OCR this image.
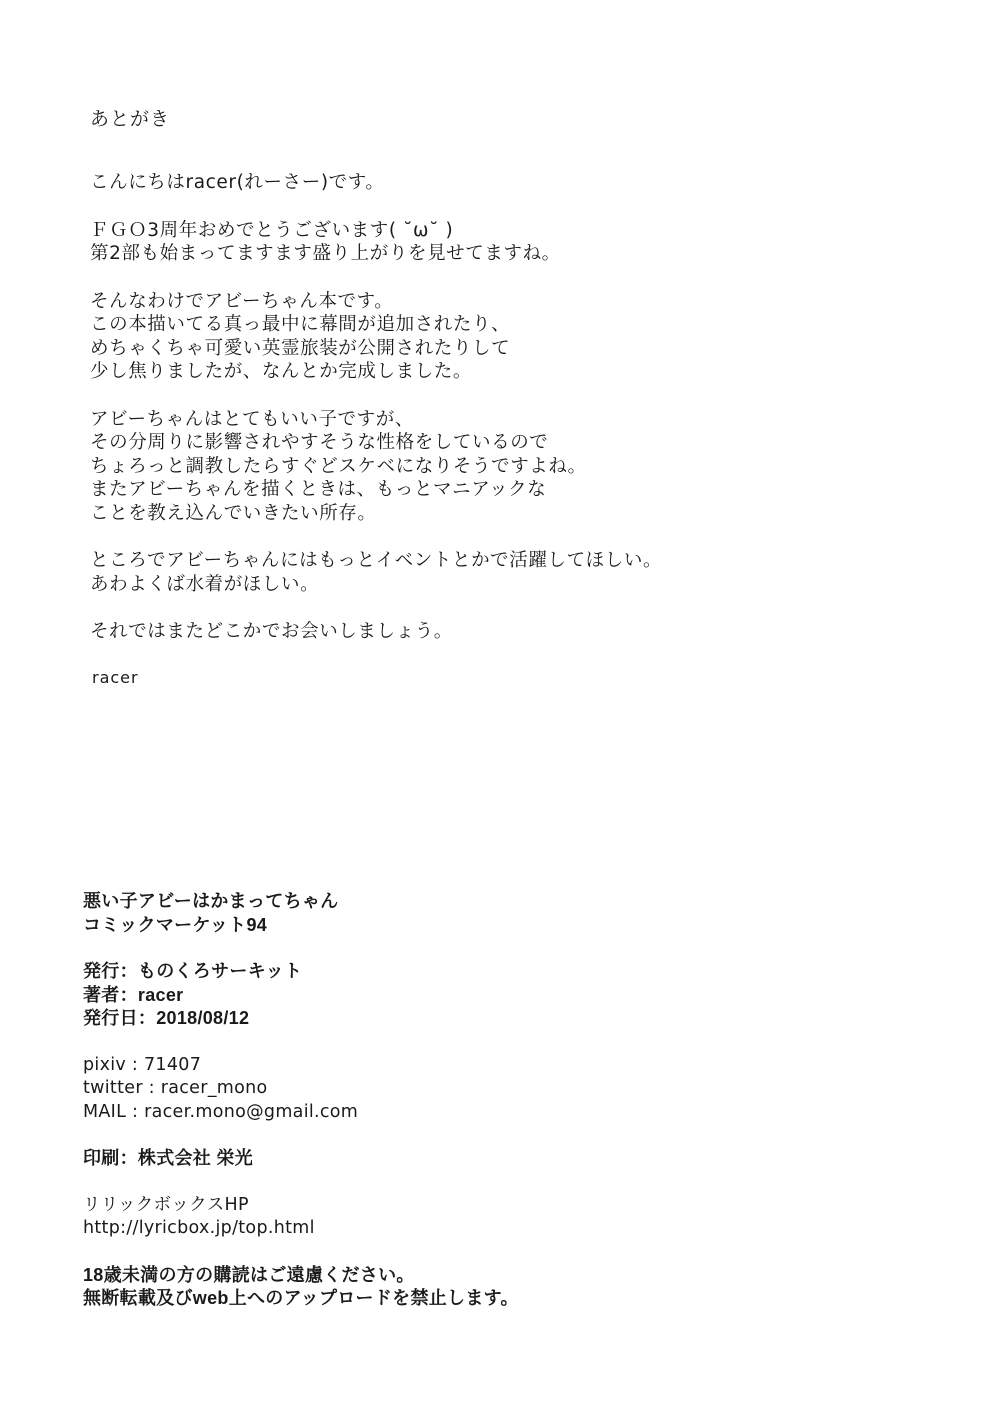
あとがき
こんにちはracer(れーさー)です。
ＦＧＯ3周年おめでとうございます( ˘ω˘ )
第2部も始まってますます盛り上がりを見せてますね。
そんなわけでアビーちゃん本です。
この本描いてる真っ最中に幕間が追加されたり、
めちゃくちゃ可愛い英霊旅装が公開されたりして
少し焦りましたが、なんとか完成しました。
アビーちゃんはとてもいい子ですが、
その分周りに影響されやすそうな性格をしているので
ちょろっと調教したらすぐどスケベになりそうですよね。
またアビーちゃんを描くときは、もっとマニアックな
ことを教え込んでいきたい所存。
ところでアビーちゃんにはもっとイベントとかで活躍してほしい。
あわよくば水着がほしい。
それではまたどこかでお会いしましょう。
racer
悪い子アビーはかまってちゃん
コミックマーケット94
発行：ものくろサーキット
著者：racer
発行日：2018/08/12
pixiv : 71407
twitter : racer_mono
MAIL : racer.mono@gmail.com
印刷：株式会社 栄光
リリックボックスHP
http://lyricbox.jp/top.html
18歳未満の方の購読はご遠慮ください。
無断転載及びweb上へのアップロードを禁止します。
